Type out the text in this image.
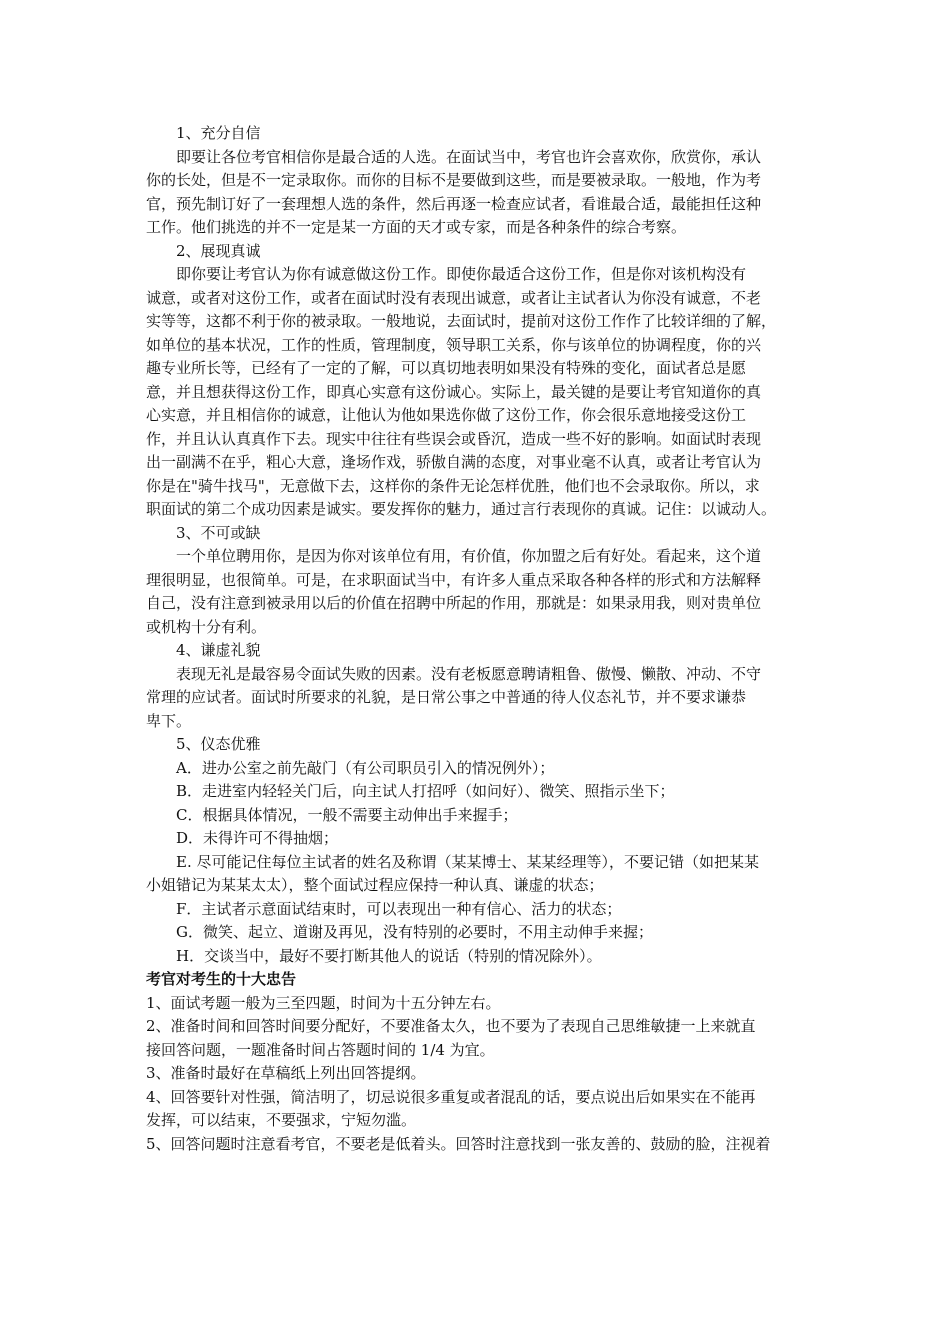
1、充分自信
即要让各位考官相信你是最合适的人选。在面试当中，考官也许会喜欢你，欣赏你，承认
你的长处，但是不一定录取你。而你的目标不是要做到这些，而是要被录取。一般地，作为考
官，预先制订好了一套理想人选的条件，然后再逐一检查应试者，看谁最合适，最能担任这种
工作。他们挑选的并不一定是某一方面的天才或专家，而是各种条件的综合考察。
2、展现真诚
即你要让考官认为你有诚意做这份工作。即使你最适合这份工作，但是你对该机构没有
诚意，或者对这份工作，或者在面试时没有表现出诚意，或者让主试者认为你没有诚意，不老
实等等，这都不利于你的被录取。一般地说，去面试时，提前对这份工作作了比较详细的了解，
如单位的基本状况，工作的性质，管理制度，领导职工关系，你与该单位的协调程度，你的兴
趣专业所长等，已经有了一定的了解，可以真切地表明如果没有特殊的变化，面试者总是愿
意，并且想获得这份工作，即真心实意有这份诚心。实际上，最关键的是要让考官知道你的真
心实意，并且相信你的诚意，让他认为他如果选你做了这份工作，你会很乐意地接受这份工
作，并且认认真真作下去。现实中往往有些误会或昏沉，造成一些不好的影响。如面试时表现
出一副满不在乎，粗心大意，逢场作戏，骄傲自满的态度，对事业毫不认真，或者让考官认为
你是在"骑牛找马"，无意做下去，这样你的条件无论怎样优胜，他们也不会录取你。所以，求
职面试的第二个成功因素是诚实。要发挥你的魅力，通过言行表现你的真诚。记住：以诚动人。
3、不可或缺
一个单位聘用你，是因为你对该单位有用，有价值，你加盟之后有好处。看起来，这个道
理很明显，也很简单。可是，在求职面试当中，有许多人重点采取各种各样的形式和方法解释
自己，没有注意到被录用以后的价值在招聘中所起的作用，那就是：如果录用我，则对贵单位
或机构十分有利。
4、谦虚礼貌
表现无礼是最容易令面试失败的因素。没有老板愿意聘请粗鲁、傲慢、懒散、冲动、不守
常理的应试者。面试时所要求的礼貌，是日常公事之中普通的待人仪态礼节，并不要求谦恭
卑下。
5、仪态优雅
A．进办公室之前先敲门（有公司职员引入的情况例外）；
B．走进室内轻轻关门后，向主试人打招呼（如问好）、微笑、照指示坐下；
C．根据具体情况，一般不需要主动伸出手来握手；
D．未得许可不得抽烟；
E. 尽可能记住每位主试者的姓名及称谓（某某博士、某某经理等），不要记错（如把某某
小姐错记为某某太太），整个面试过程应保持一种认真、谦虚的状态；
F．主试者示意面试结束时，可以表现出一种有信心、活力的状态；
G．微笑、起立、道谢及再见，没有特别的必要时，不用主动伸手来握；
H．交谈当中，最好不要打断其他人的说话（特别的情况除外）。
考官对考生的十大忠告
1、面试考题一般为三至四题，时间为十五分钟左右。
2、准备时间和回答时间要分配好，不要准备太久，也不要为了表现自己思维敏捷一上来就直
接回答问题，一题准备时间占答题时间的 1/4 为宜。
3、准备时最好在草稿纸上列出回答提纲。
4、回答要针对性强，简洁明了，切忌说很多重复或者混乱的话，要点说出后如果实在不能再
发挥，可以结束，不要强求，宁短勿滥。
5、回答问题时注意看考官，不要老是低着头。回答时注意找到一张友善的、鼓励的脸，注视着
